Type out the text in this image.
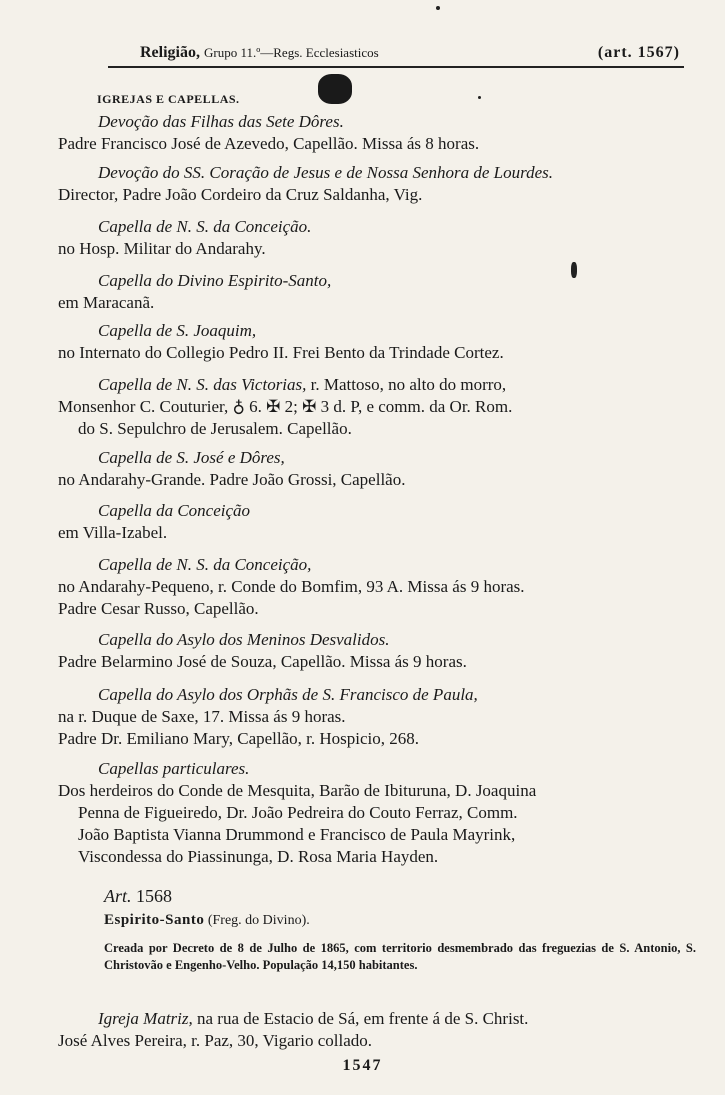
Religião, Grupo 11.º—Regs. Ecclesiasticos	(art. 1567)
IGREJAS E CAPELLAS.
Devoção das Filhas das Sete Dôres.
Padre Francisco José de Azevedo, Capellão. Missa ás 8 horas.
Devoção do SS. Coração de Jesus e de Nossa Senhora de Lourdes.
Director, Padre João Cordeiro da Cruz Saldanha, Vig.
Capella de N. S. da Conceição.
no Hosp. Militar do Andarahy.
Capella do Divino Espirito-Santo,
em Maracanã.
Capella de S. Joaquim,
no Internato do Collegio Pedro II. Frei Bento da Trindade Cortez.
Capella de N. S. das Victorias, r. Mattoso, no alto do morro,
Monsenhor C. Couturier, ♁ 6. ✠ 2; ✠ 3 d. P, e comm. da Or. Rom.
do S. Sepulchro de Jerusalem. Capellão.
Capella de S. José e Dôres,
no Andarahy-Grande. Padre João Grossi, Capellão.
Capella da Conceição
em Villa-Izabel.
Capella de N. S. da Conceição,
no Andarahy-Pequeno, r. Conde do Bomfim, 93 A. Missa ás 9 horas.
Padre Cesar Russo, Capellão.
Capella do Asylo dos Meninos Desvalidos.
Padre Belarmino José de Souza, Capellão. Missa ás 9 horas.
Capella do Asylo dos Orphãs de S. Francisco de Paula,
na r. Duque de Saxe, 17. Missa ás 9 horas.
Padre Dr. Emiliano Mary, Capellão, r. Hospicio, 268.
Capellas particulares.
Dos herdeiros do Conde de Mesquita, Barão de Ibituruna, D. Joaquina
Penna de Figueiredo, Dr. João Pedreira do Couto Ferraz, Comm.
João Baptista Vianna Drummond e Francisco de Paula Mayrink,
Viscondessa do Piassinunga, D. Rosa Maria Hayden.
Art. 1568
Espirito-Santo (Freg. do Divino).
Creada por Decreto de 8 de Julho de 1865, com territorio desmembrado das freguezias de S. Antonio, S. Christovão e Engenho-Velho. População 14,150 habitantes.
Igreja Matriz, na rua de Estacio de Sá, em frente á de S. Christ.
José Alves Pereira, r. Paz, 30, Vigario collado.
1547
